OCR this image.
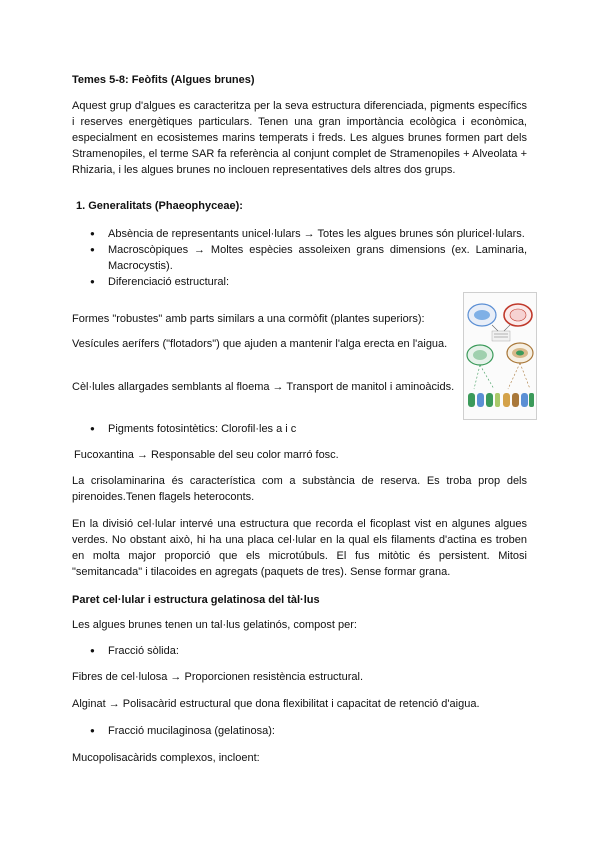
Temes 5-8: Feòfits (Algues brunes)

Aquest grup d'algues es caracteritza per la seva estructura diferenciada, pigments específics i reserves energètiques particulars. Tenen una gran importància ecològica i econòmica, especialment en ecosistemes marins temperats i freds. Les algues brunes formen part dels Stramenopiles, el terme SAR fa referència al conjunt complet de Stramenopiles + Alveolata + Rhizaria, i les algues brunes no inclouen representatives dels altres dos grups.

1. Generalitats (Phaeophyceae):

● Absència de representants unicel·lulars → Totes les algues brunes són pluricel·lulars.
● Macroscòpiques → Moltes espècies assoleixen grans dimensions (ex. Laminaria, Macrocystis).
● Diferenciació estructural:

Formes "robustes" amb parts similars a una cormòfit (plantes superiors):

Vesícules aerífers ("flotadors") que ajuden a mantenir l'alga erecta en l'aigua.

Cèl·lules allargades semblants al floema → Transport de manitol i aminoàcids.

● Pigments fotosintètics: Clorofil·les a i c

Fucoxantina → Responsable del seu color marró fosc.

La crisolaminarina és característica com a substància de reserva. Es troba prop dels pirenoides.Tenen flagels heteroconts.

En la divisió cel·lular intervé una estructura que recorda el ficoplast vist en algunes algues verdes. No obstant això, hi ha una placa cel·lular en la qual els filaments d'actina es troben en molta major proporció que els microtúbuls. El fus mitòtic és persistent. Mitosi "semitancada" i tilacoides en agregats (paquets de tres). Sense formar grana.

Paret cel·lular i estructura gelatinosa del tàl·lus

Les algues brunes tenen un tal·lus gelatinós, compost per:

● Fracció sòlida:

Fibres de cel·lulosa → Proporcionen resistència estructural.

Alginat → Polisacàrid estructural que dona flexibilitat i capacitat de retenció d'aigua.

● Fracció mucilaginosa (gelatinosa):

Mucopolisacàrids complexos, incloent:
